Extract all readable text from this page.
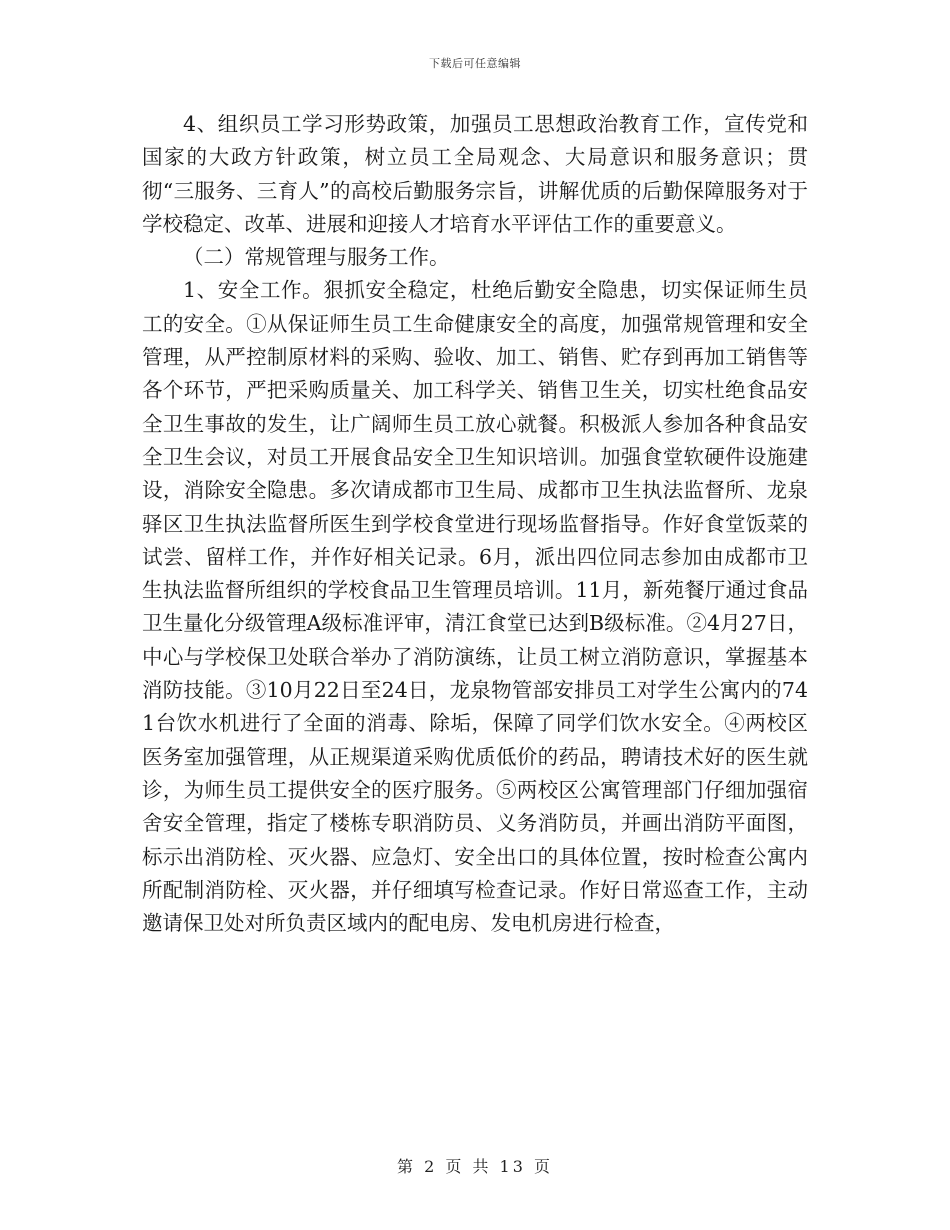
下载后可任意编辑

4、组织员工学习形势政策，加强员工思想政治教育工作，宣传党和国家的大政方针政策，树立员工全局观念、大局意识和服务意识；贯彻“三服务、三育人”的高校后勤服务宗旨，讲解优质的后勤保障服务对于学校稳定、改革、进展和迎接人才培育水平评估工作的重要意义。

（二）常规管理与服务工作。

1、安全工作。狠抓安全稳定，杜绝后勤安全隐患，切实保证师生员工的安全。①从保证师生员工生命健康安全的高度，加强常规管理和安全管理，从严控制原材料的采购、验收、加工、销售、贮存到再加工销售等各个环节，严把采购质量关、加工科学关、销售卫生关，切实杜绝食品安全卫生事故的发生，让广阔师生员工放心就餐。积极派人参加各种食品安全卫生会议，对员工开展食品安全卫生知识培训。加强食堂软硬件设施建设，消除安全隐患。多次请成都市卫生局、成都市卫生执法监督所、龙泉驿区卫生执法监督所医生到学校食堂进行现场监督指导。作好食堂饭菜的试尝、留样工作，并作好相关记录。6月，派出四位同志参加由成都市卫生执法监督所组织的学校食品卫生管理员培训。11月，新苑餐厅通过食品卫生量化分级管理A级标准评审，清江食堂已达到B级标准。②4月27日，中心与学校保卫处联合举办了消防演练，让员工树立消防意识，掌握基本消防技能。③10月22日至24日，龙泉物管部安排员工对学生公寓内的741台饮水机进行了全面的消毒、除垢，保障了同学们饮水安全。④两校区医务室加强管理，从正规渠道采购优质低价的药品，聘请技术好的医生就诊，为师生员工提供安全的医疗服务。⑤两校区公寓管理部门仔细加强宿舍安全管理，指定了楼栋专职消防员、义务消防员，并画出消防平面图，标示出消防栓、灭火器、应急灯、安全出口的具体位置，按时检查公寓内所配制消防栓、灭火器，并仔细填写检查记录。作好日常巡查工作，主动邀请保卫处对所负责区域内的配电房、发电机房进行检查，

第 2 页 共 13 页
